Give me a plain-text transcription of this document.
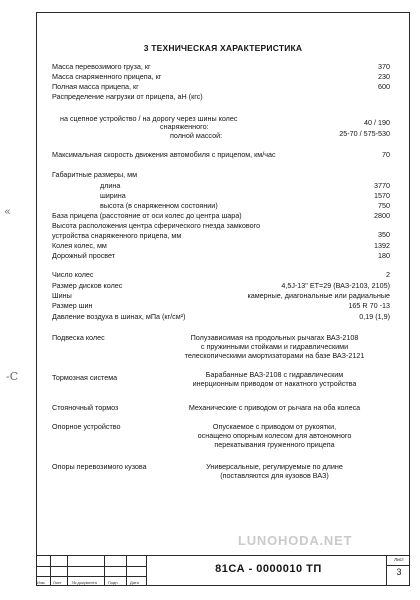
«
-C
3 ТЕХНИЧЕСКАЯ ХАРАКТЕРИСТИКА
Масса перевозимого груза, кг	370
Масса снаряженного прицепа, кг	230
Полная масса прицепа, кг	600
Распределение нагрузки от прицепа, аН (кгс)
на сцепное устройство / на дорогу через шины колес
снаряженного:	40 / 190
полной массой:	25-70 / 575-530
Максимальная скорость движения автомобиля с прицепом, км/час	70
Габаритные размеры, мм
длина	3770
ширина	1570
высота (в снаряженном состоянии)	750
База прицепа (расстояние от оси колес до центра шара)	2800
Высота расположения центра сферического гнезда замкового
устройства снаряженного прицепа, мм	350
Колея колес, мм	1392
Дорожный просвет	180
Число колес	2
Размер дисков колес	4,5J-13" ET=29 (ВАЗ-2103, 2105)
Шины	камерные, диагональные или радиальные
Размер шин	165 R 70 -13
Давление воздуха в шинах, мПа (кг/см²)	0,19 (1,9)
Подвеска колес	Полузависимая на продольных рычагах ВАЗ-2108
с пружинными стойками и гидравлическими
телескопическими амортизаторами на базе ВАЗ-2121
Тормозная система	Барабанные ВАЗ-2108 с гидравлическим
инерционным приводом от накатного устройства
Стояночный тормоз	Механические с приводом от рычага на оба колеса
Опорное устройство	Опускаемое с приводом от рукоятки,
оснащено опорным колесом для автономного
перекатывания груженного прицепа
Опоры перевозимого кузова	Универсальные, регулируемые по длине
(поставляются для кузовов ВАЗ)
LUNOHODA.NET
Изм. Лист	№ документа	Подп.	Дата
81СА - 0000010 ТП
Лист
3
